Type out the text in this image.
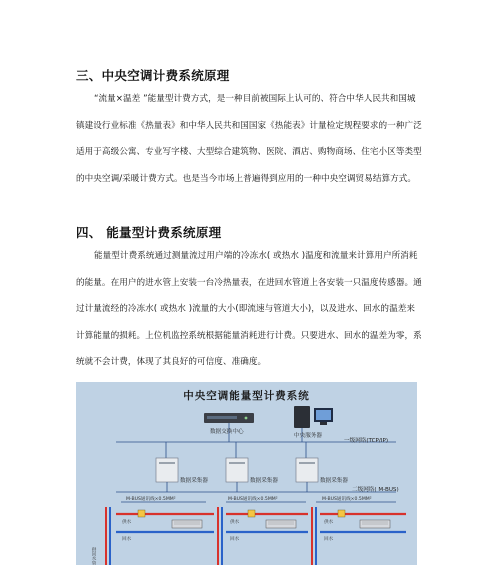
三、中央空调计费系统原理
“流量×温差 ”能量型计费方式，是一种目前被国际上认可的、符合中华人民共和国城
镇建设行业标准《热量表》和中华人民共和国国家《热能表》计量检定规程要求的一种广泛
适用于高级公寓、专业写字楼、大型综合建筑物、医院、酒店、购物商场、住宅小区等类型
的中央空调/采暖计费方式。也是当今市场上普遍得到应用的一种中央空调贸易结算方式。
四、 能量型计费系统原理
能量型计费系统通过测量流过用户端的冷冻水( 或热水 )温度和流量来计算用户所消耗
的能量。在用户的进水管上安装一台冷热量表，在进回水管道上各安装一只温度传感器。通
过计量流经的冷冻水( 或热水 )流量的大小(即流速与管道大小)，以及进水、回水的温差来
计算能量的损耗。上位机监控系统根据能量消耗进行计费。只要进水、回水的温差为零，系
统就不会计费，体现了其良好的可信度、准确度。
中央空调能量型计费系统
数据交换中心
中央服务器
一级网络(TCP/IP)
数据采集器	数据采集器	数据采集器
二级网络( M-BUS)
M-BUS通讯线×0.5MM²	M-BUS通讯线×0.5MM²	M-BUS通讯线×0.5MM²
供水
回水
供水
回水
供水
回水
供回水管
